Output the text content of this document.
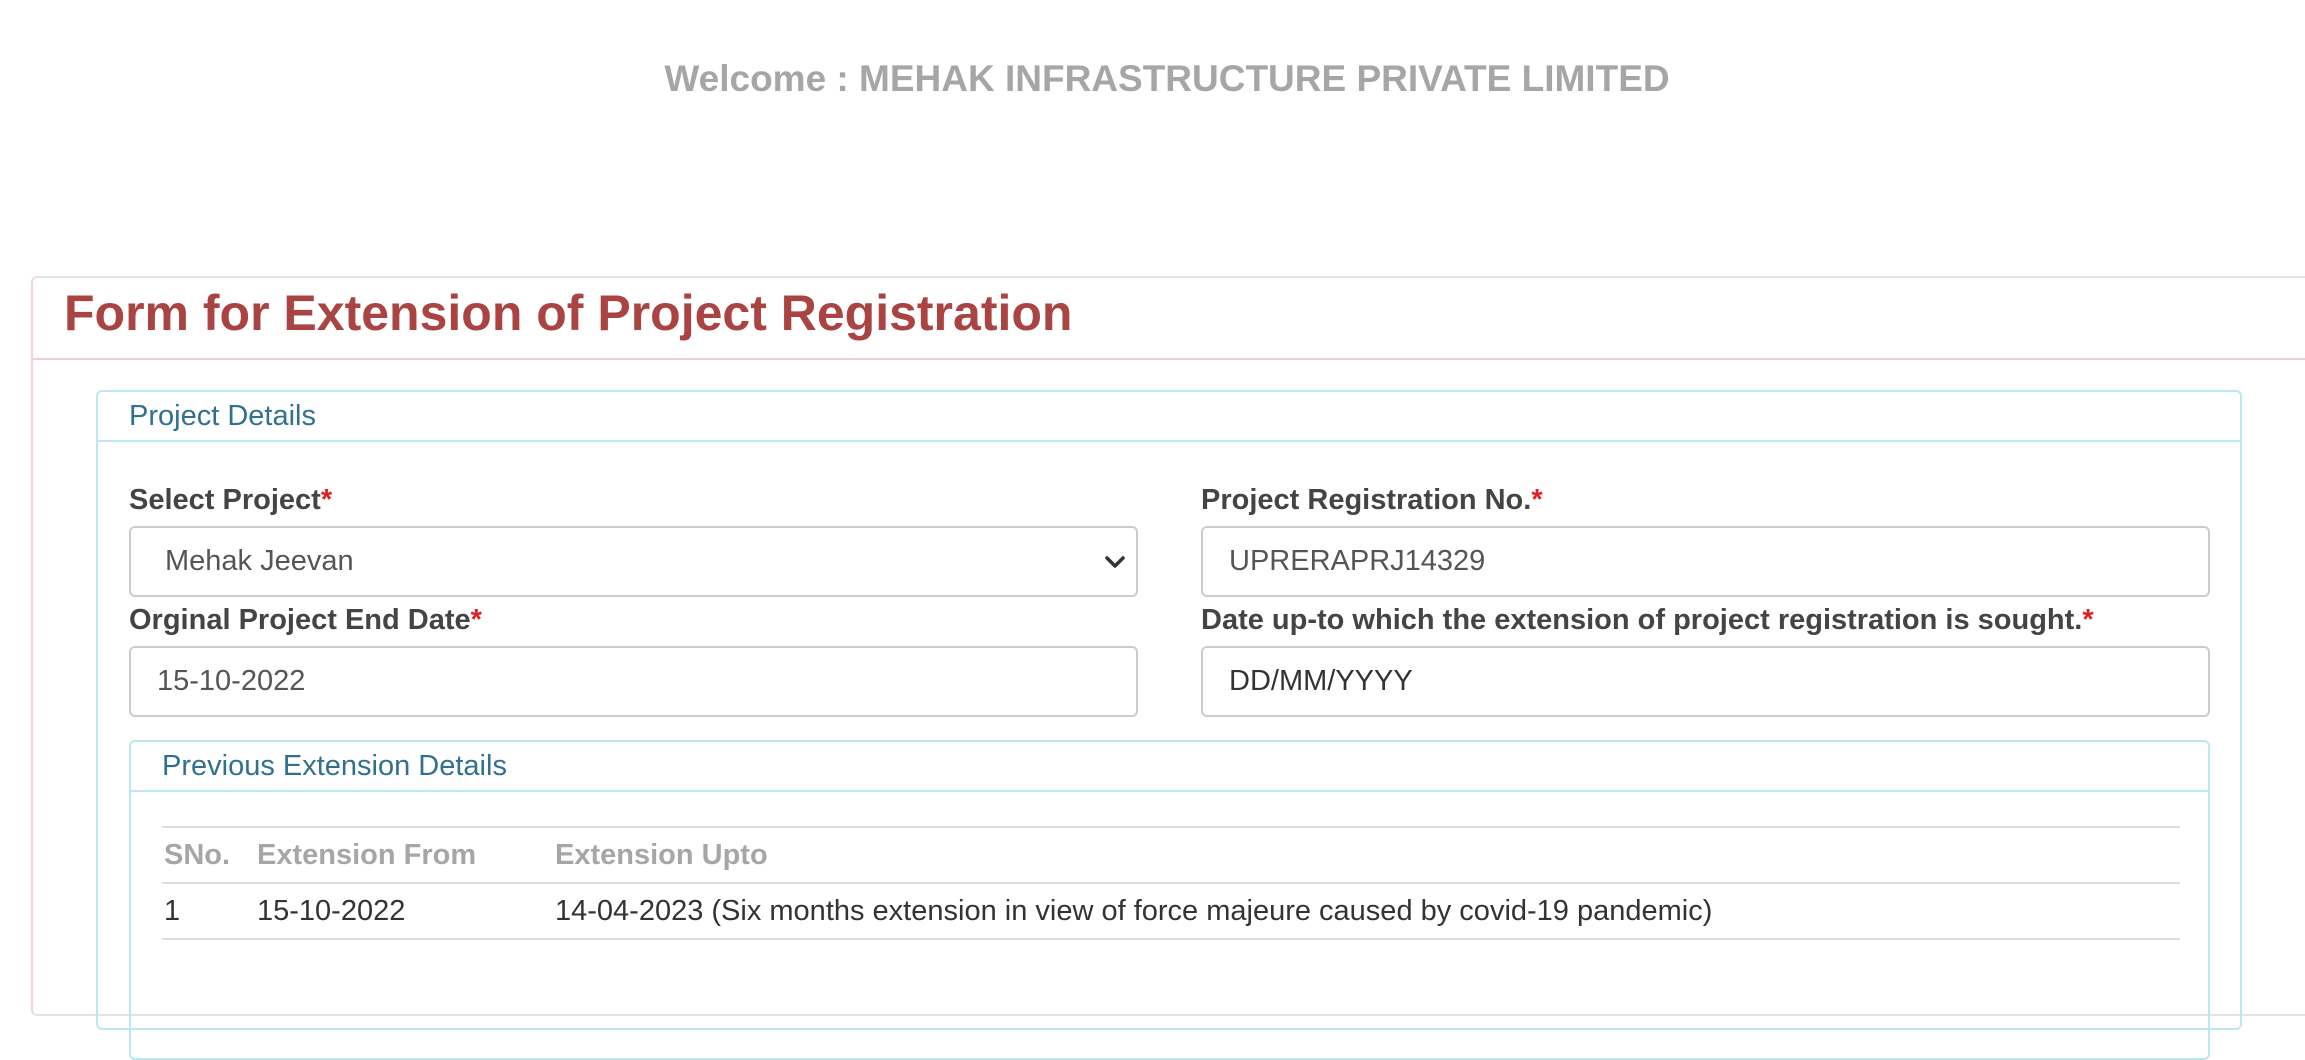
Welcome : MEHAK INFRASTRUCTURE PRIVATE LIMITED
Form for Extension of Project Registration
Project Details
Select Project*
Mehak Jeevan
Project Registration No.*
UPRERAPRJ14329
Orginal Project End Date*
15-10-2022
Date up-to which the extension of project registration is sought.*
DD/MM/YYYY
Previous Extension Details
SNo.	Extension From	Extension Upto
1	15-10-2022	14-04-2023 (Six months extension in view of force majeure caused by covid-19 pandemic)
